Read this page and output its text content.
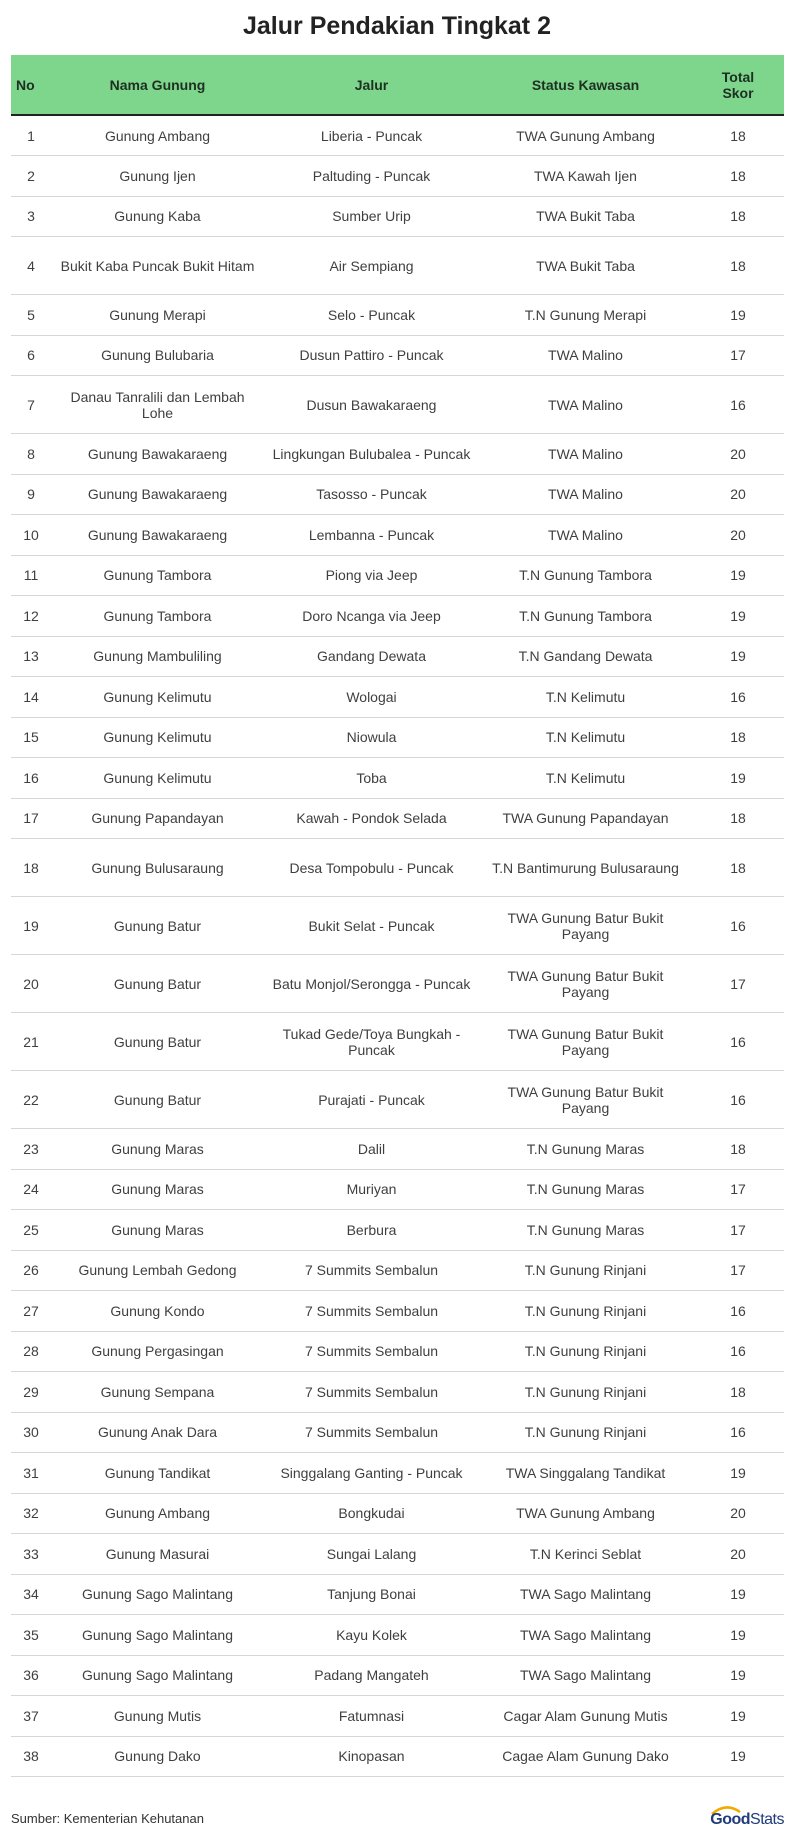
Jalur Pendakian Tingkat 2
No	Nama Gunung	Jalur	Status Kawasan	Total Skor
1	Gunung Ambang	Liberia - Puncak	TWA Gunung Ambang	18
2	Gunung Ijen	Paltuding - Puncak	TWA Kawah Ijen	18
3	Gunung Kaba	Sumber Urip	TWA Bukit Taba	18
4	Bukit Kaba Puncak Bukit Hitam	Air Sempiang	TWA Bukit Taba	18
5	Gunung Merapi	Selo - Puncak	T.N Gunung Merapi	19
6	Gunung Bulubaria	Dusun Pattiro - Puncak	TWA Malino	17
7	Danau Tanralili dan Lembah Lohe	Dusun Bawakaraeng	TWA Malino	16
8	Gunung Bawakaraeng	Lingkungan Bulubalea - Puncak	TWA Malino	20
9	Gunung Bawakaraeng	Tasosso - Puncak	TWA Malino	20
10	Gunung Bawakaraeng	Lembanna - Puncak	TWA Malino	20
11	Gunung Tambora	Piong via Jeep	T.N Gunung Tambora	19
12	Gunung Tambora	Doro Ncanga via Jeep	T.N Gunung Tambora	19
13	Gunung Mambuliling	Gandang Dewata	T.N Gandang Dewata	19
14	Gunung Kelimutu	Wologai	T.N Kelimutu	16
15	Gunung Kelimutu	Niowula	T.N Kelimutu	18
16	Gunung Kelimutu	Toba	T.N Kelimutu	19
17	Gunung Papandayan	Kawah - Pondok Selada	TWA Gunung Papandayan	18
18	Gunung Bulusaraung	Desa Tompobulu - Puncak	T.N Bantimurung Bulusaraung	18
19	Gunung Batur	Bukit Selat - Puncak	TWA Gunung Batur Bukit Payang	16
20	Gunung Batur	Batu Monjol/Serongga - Puncak	TWA Gunung Batur Bukit Payang	17
21	Gunung Batur	Tukad Gede/Toya Bungkah - Puncak	TWA Gunung Batur Bukit Payang	16
22	Gunung Batur	Purajati - Puncak	TWA Gunung Batur Bukit Payang	16
23	Gunung Maras	Dalil	T.N Gunung Maras	18
24	Gunung Maras	Muriyan	T.N Gunung Maras	17
25	Gunung Maras	Berbura	T.N Gunung Maras	17
26	Gunung Lembah Gedong	7 Summits Sembalun	T.N Gunung Rinjani	17
27	Gunung Kondo	7 Summits Sembalun	T.N Gunung Rinjani	16
28	Gunung Pergasingan	7 Summits Sembalun	T.N Gunung Rinjani	16
29	Gunung Sempana	7 Summits Sembalun	T.N Gunung Rinjani	18
30	Gunung Anak Dara	7 Summits Sembalun	T.N Gunung Rinjani	16
31	Gunung Tandikat	Singgalang Ganting - Puncak	TWA Singgalang Tandikat	19
32	Gunung Ambang	Bongkudai	TWA Gunung Ambang	20
33	Gunung Masurai	Sungai Lalang	T.N Kerinci Seblat	20
34	Gunung Sago Malintang	Tanjung Bonai	TWA Sago Malintang	19
35	Gunung Sago Malintang	Kayu Kolek	TWA Sago Malintang	19
36	Gunung Sago Malintang	Padang Mangateh	TWA Sago Malintang	19
37	Gunung Mutis	Fatumnasi	Cagar Alam Gunung Mutis	19
38	Gunung Dako	Kinopasan	Cagae Alam Gunung Dako	19
Sumber: Kementerian Kehutanan	GoodStats
